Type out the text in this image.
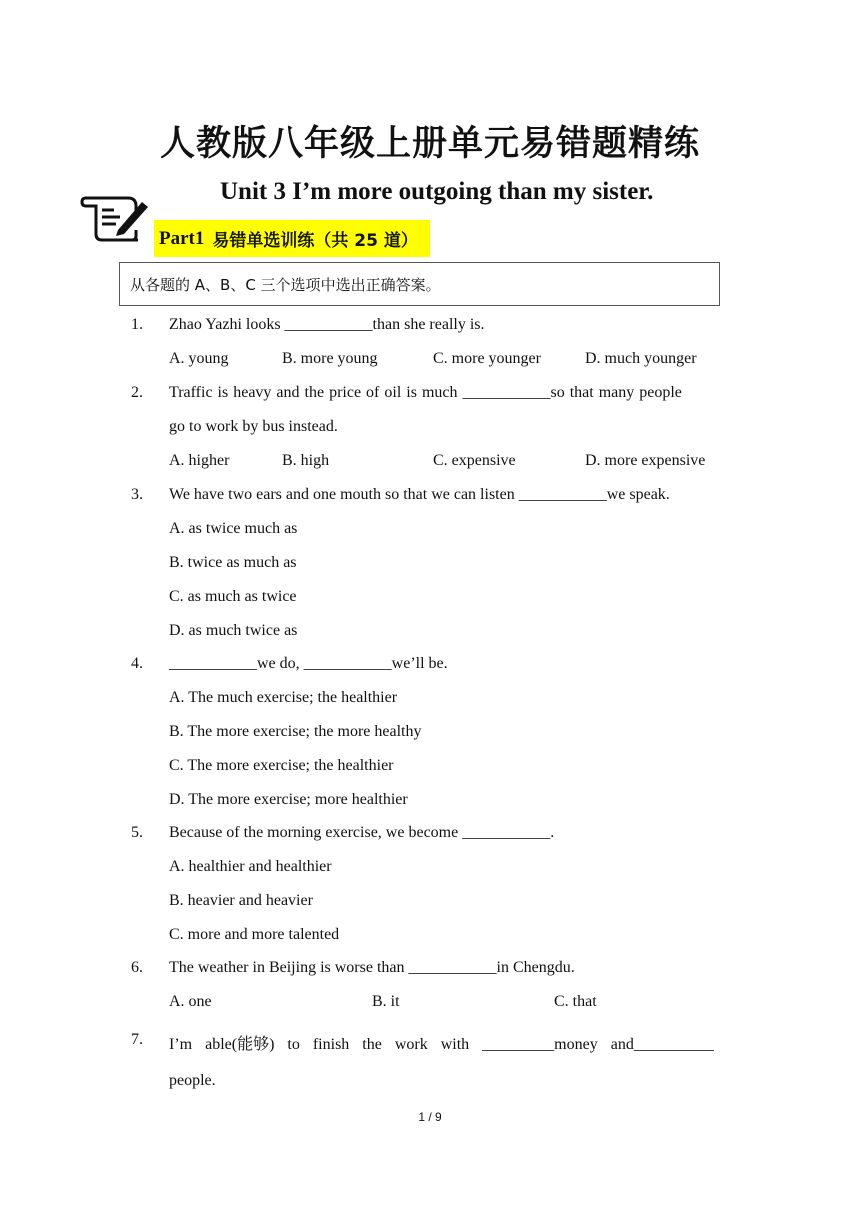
人教版八年级上册单元易错题精练
Unit 3 I’m more outgoing than my sister.
Part1 易错单选训练（共 25 道）
从各题的 A、B、C 三个选项中选出正确答案。
1. Zhao Yazhi looks ___________than she really is.
A. young	B. more young	C. more younger	D. much younger
2. Traffic is heavy and the price of oil is much ___________so that many people
go to work by bus instead.
A. higher	B. high	C. expensive	D. more expensive
3. We have two ears and one mouth so that we can listen ___________we speak.
A. as twice much as
B. twice as much as
C. as much as twice
D. as much twice as
4. ___________we do, ___________we’ll be.
A. The much exercise; the healthier
B. The more exercise; the more healthy
C. The more exercise; the healthier
D. The more exercise; more healthier
5. Because of the morning exercise, we become ___________.
A. healthier and healthier
B. heavier and heavier
C. more and more talented
6. The weather in Beijing is worse than ___________in Chengdu.
A. one	B. it	C. that
7. I’m able(能够) to finish the work with _________money and__________
people.
1 / 9
